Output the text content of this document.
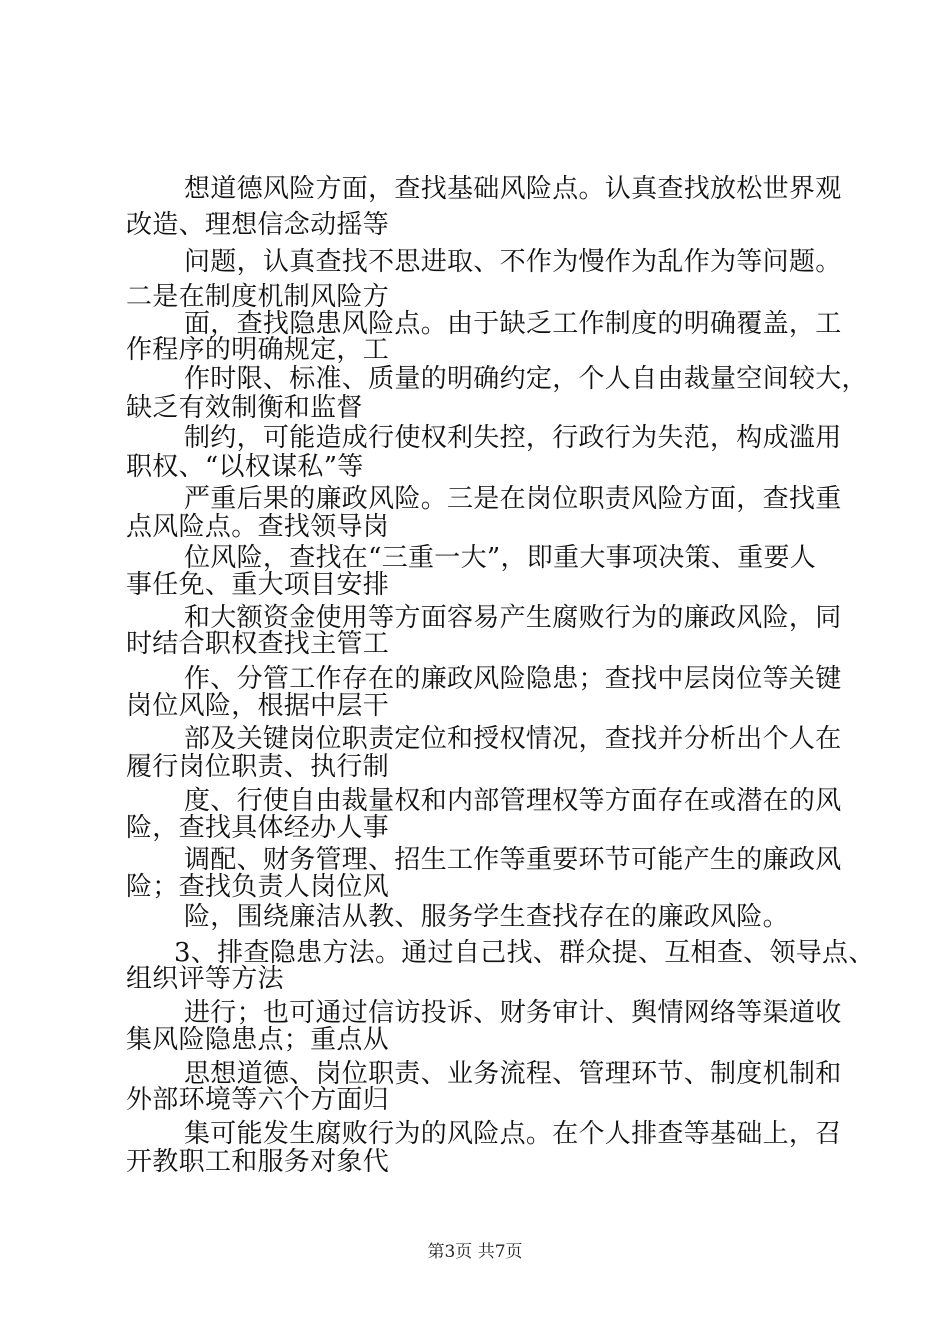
想道德风险方面，查找基础风险点。认真查找放松世界观
改造、理想信念动摇等
问题，认真查找不思进取、不作为慢作为乱作为等问题。
二是在制度机制风险方
面，查找隐患风险点。由于缺乏工作制度的明确覆盖，工
作程序的明确规定，工
作时限、标准、质量的明确约定，个人自由裁量空间较大，
缺乏有效制衡和监督
制约，可能造成行使权利失控，行政行为失范，构成滥用
职权、“以权谋私”等
严重后果的廉政风险。三是在岗位职责风险方面，查找重
点风险点。查找领导岗
位风险，查找在“三重一大”，即重大事项决策、重要人
事任免、重大项目安排
和大额资金使用等方面容易产生腐败行为的廉政风险，同
时结合职权查找主管工
作、分管工作存在的廉政风险隐患；查找中层岗位等关键
岗位风险，根据中层干
部及关键岗位职责定位和授权情况，查找并分析出个人在
履行岗位职责、执行制
度、行使自由裁量权和内部管理权等方面存在或潜在的风
险，查找具体经办人事
调配、财务管理、招生工作等重要环节可能产生的廉政风
险；查找负责人岗位风
险，围绕廉洁从教、服务学生查找存在的廉政风险。
3、排查隐患方法。通过自己找、群众提、互相查、领导点、
组织评等方法
进行；也可通过信访投诉、财务审计、舆情网络等渠道收
集风险隐患点；重点从
思想道德、岗位职责、业务流程、管理环节、制度机制和
外部环境等六个方面归
集可能发生腐败行为的风险点。在个人排查等基础上，召
开教职工和服务对象代
第3页 共7页
